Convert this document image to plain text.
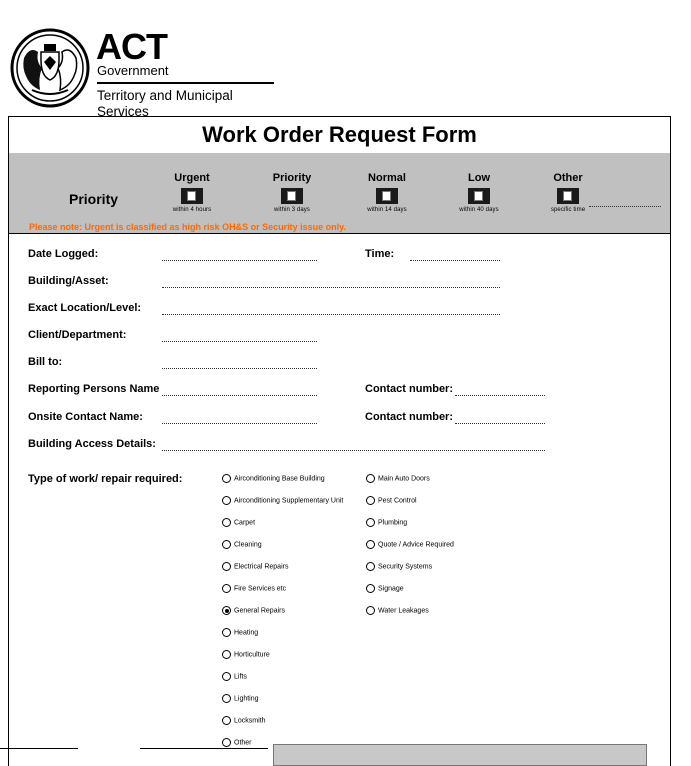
ACT
Government
Territory and Municipal Services
Work Order Request Form
Priority
Urgent
within 4 hours
Priority
within 3 days
Normal
within 14 days
Low
within 40 days
Other
specific time
Please note: Urgent is classified as high risk OH&S or Security issue only.
Date Logged:	Time:
Building/Asset:
Exact Location/Level:
Client/Department:
Bill to:
Reporting Persons Name	Contact number:
Onsite Contact Name:	Contact number:
Building Access Details:
Type of work/ repair required:	Airconditioning Base Building
Airconditioning Supplementary Unit
Carpet
Cleaning
Electrical Repairs
Fire Services etc
General Repairs
Heating
Horticulture
Lifts
Lighting
Locksmith
Other
Main Auto Doors
Pest Control
Plumbing
Quote / Advice Required
Security Systems
Signage
Water Leakages
